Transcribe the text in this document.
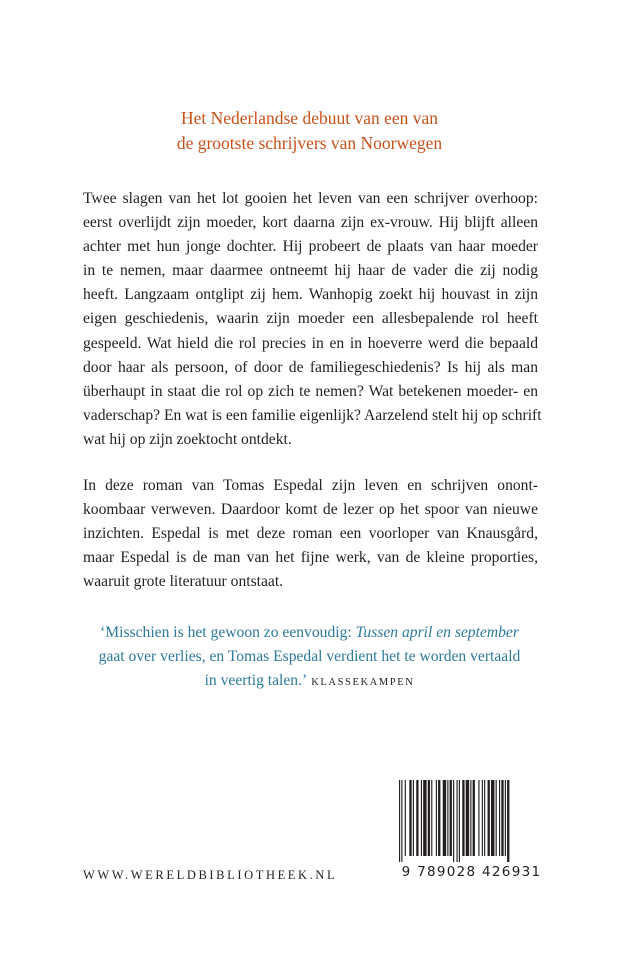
Het Nederlandse debuut van een van
de grootste schrijvers van Noorwegen
Twee slagen van het lot gooien het leven van een schrijver overhoop:
eerst overlijdt zijn moeder, kort daarna zijn ex-vrouw. Hij blijft alleen
achter met hun jonge dochter. Hij probeert de plaats van haar moeder
in te nemen, maar daarmee ontneemt hij haar de vader die zij nodig
heeft. Langzaam ontglipt zij hem. Wanhopig zoekt hij houvast in zijn
eigen geschiedenis, waarin zijn moeder een allesbepalende rol heeft
gespeeld. Wat hield die rol precies in en in hoeverre werd die bepaald
door haar als persoon, of door de familiegeschiedenis? Is hij als man
überhaupt in staat die rol op zich te nemen? Wat betekenen moeder- en
vaderschap? En wat is een familie eigenlijk? Aarzelend stelt hij op schrift
wat hij op zijn zoektocht ontdekt.
In deze roman van Tomas Espedal zijn leven en schrijven onont-
koombaar verweven. Daardoor komt de lezer op het spoor van nieuwe
inzichten. Espedal is met deze roman een voorloper van Knausgård,
maar Espedal is de man van het fijne werk, van de kleine proporties,
waaruit grote literatuur ontstaat.
‘Misschien is het gewoon zo eenvoudig: Tussen april en september
gaat over verlies, en Tomas Espedal verdient het te worden vertaald
in veertig talen.’ KLASSEKAMPEN
WWW.WERELDBIBLIOTHEEK.NL	9 789028 426931
